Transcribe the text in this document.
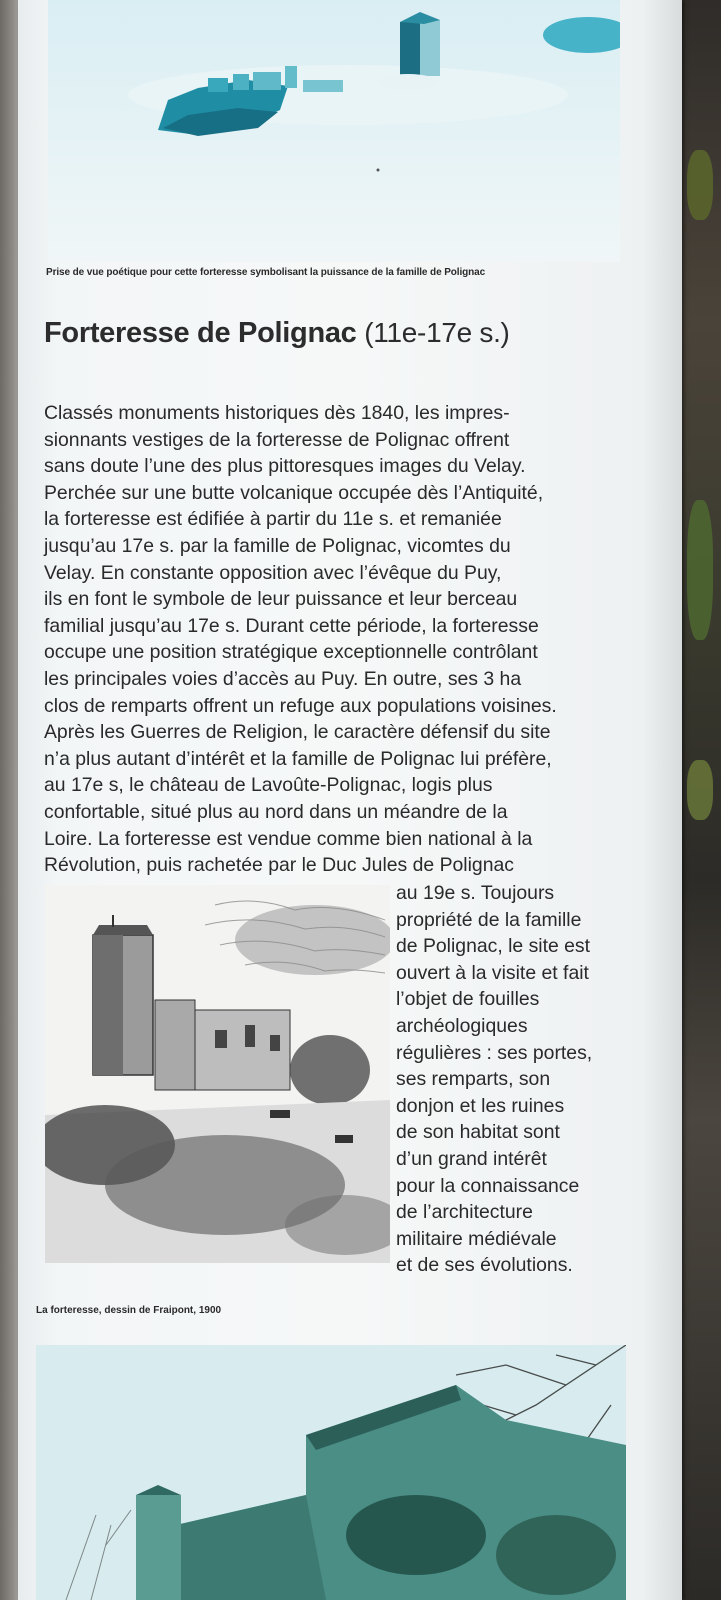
Prise de vue poétique pour cette forteresse symbolisant la puissance de la famille de Polignac
Forteresse de Polignac (11e-17e s.)
Classés monuments historiques dès 1840, les impres-
sionnants vestiges de la forteresse de Polignac offrent
sans doute l’une des plus pittoresques images du Velay.
Perchée sur une butte volcanique occupée dès l’Antiquité,
la forteresse est édifiée à partir du 11e s. et remaniée
jusqu’au 17e s. par la famille de Polignac, vicomtes du
Velay. En constante opposition avec l’évêque du Puy,
ils en font le symbole de leur puissance et leur berceau
familial jusqu’au 17e s. Durant cette période, la forteresse
occupe une position stratégique exceptionnelle contrôlant
les principales voies d’accès au Puy. En outre, ses 3 ha
clos de remparts offrent un refuge aux populations voisines.
Après les Guerres de Religion, le caractère défensif du site
n’a plus autant d’intérêt et la famille de Polignac lui préfère,
au 17e s, le château de Lavoûte-Polignac, logis plus
confortable, situé plus au nord dans un méandre de la
Loire. La forteresse est vendue comme bien national à la
Révolution, puis rachetée par le Duc Jules de Polignac
au 19e s. Toujours
propriété de la famille
de Polignac, le site est
ouvert à la visite et fait
l’objet de fouilles
archéologiques
régulières : ses portes,
ses remparts, son
donjon et les ruines
de son habitat sont
d’un grand intérêt
pour la connaissance
de l’architecture
militaire médiévale
et de ses évolutions.
La forteresse, dessin de Fraipont, 1900
